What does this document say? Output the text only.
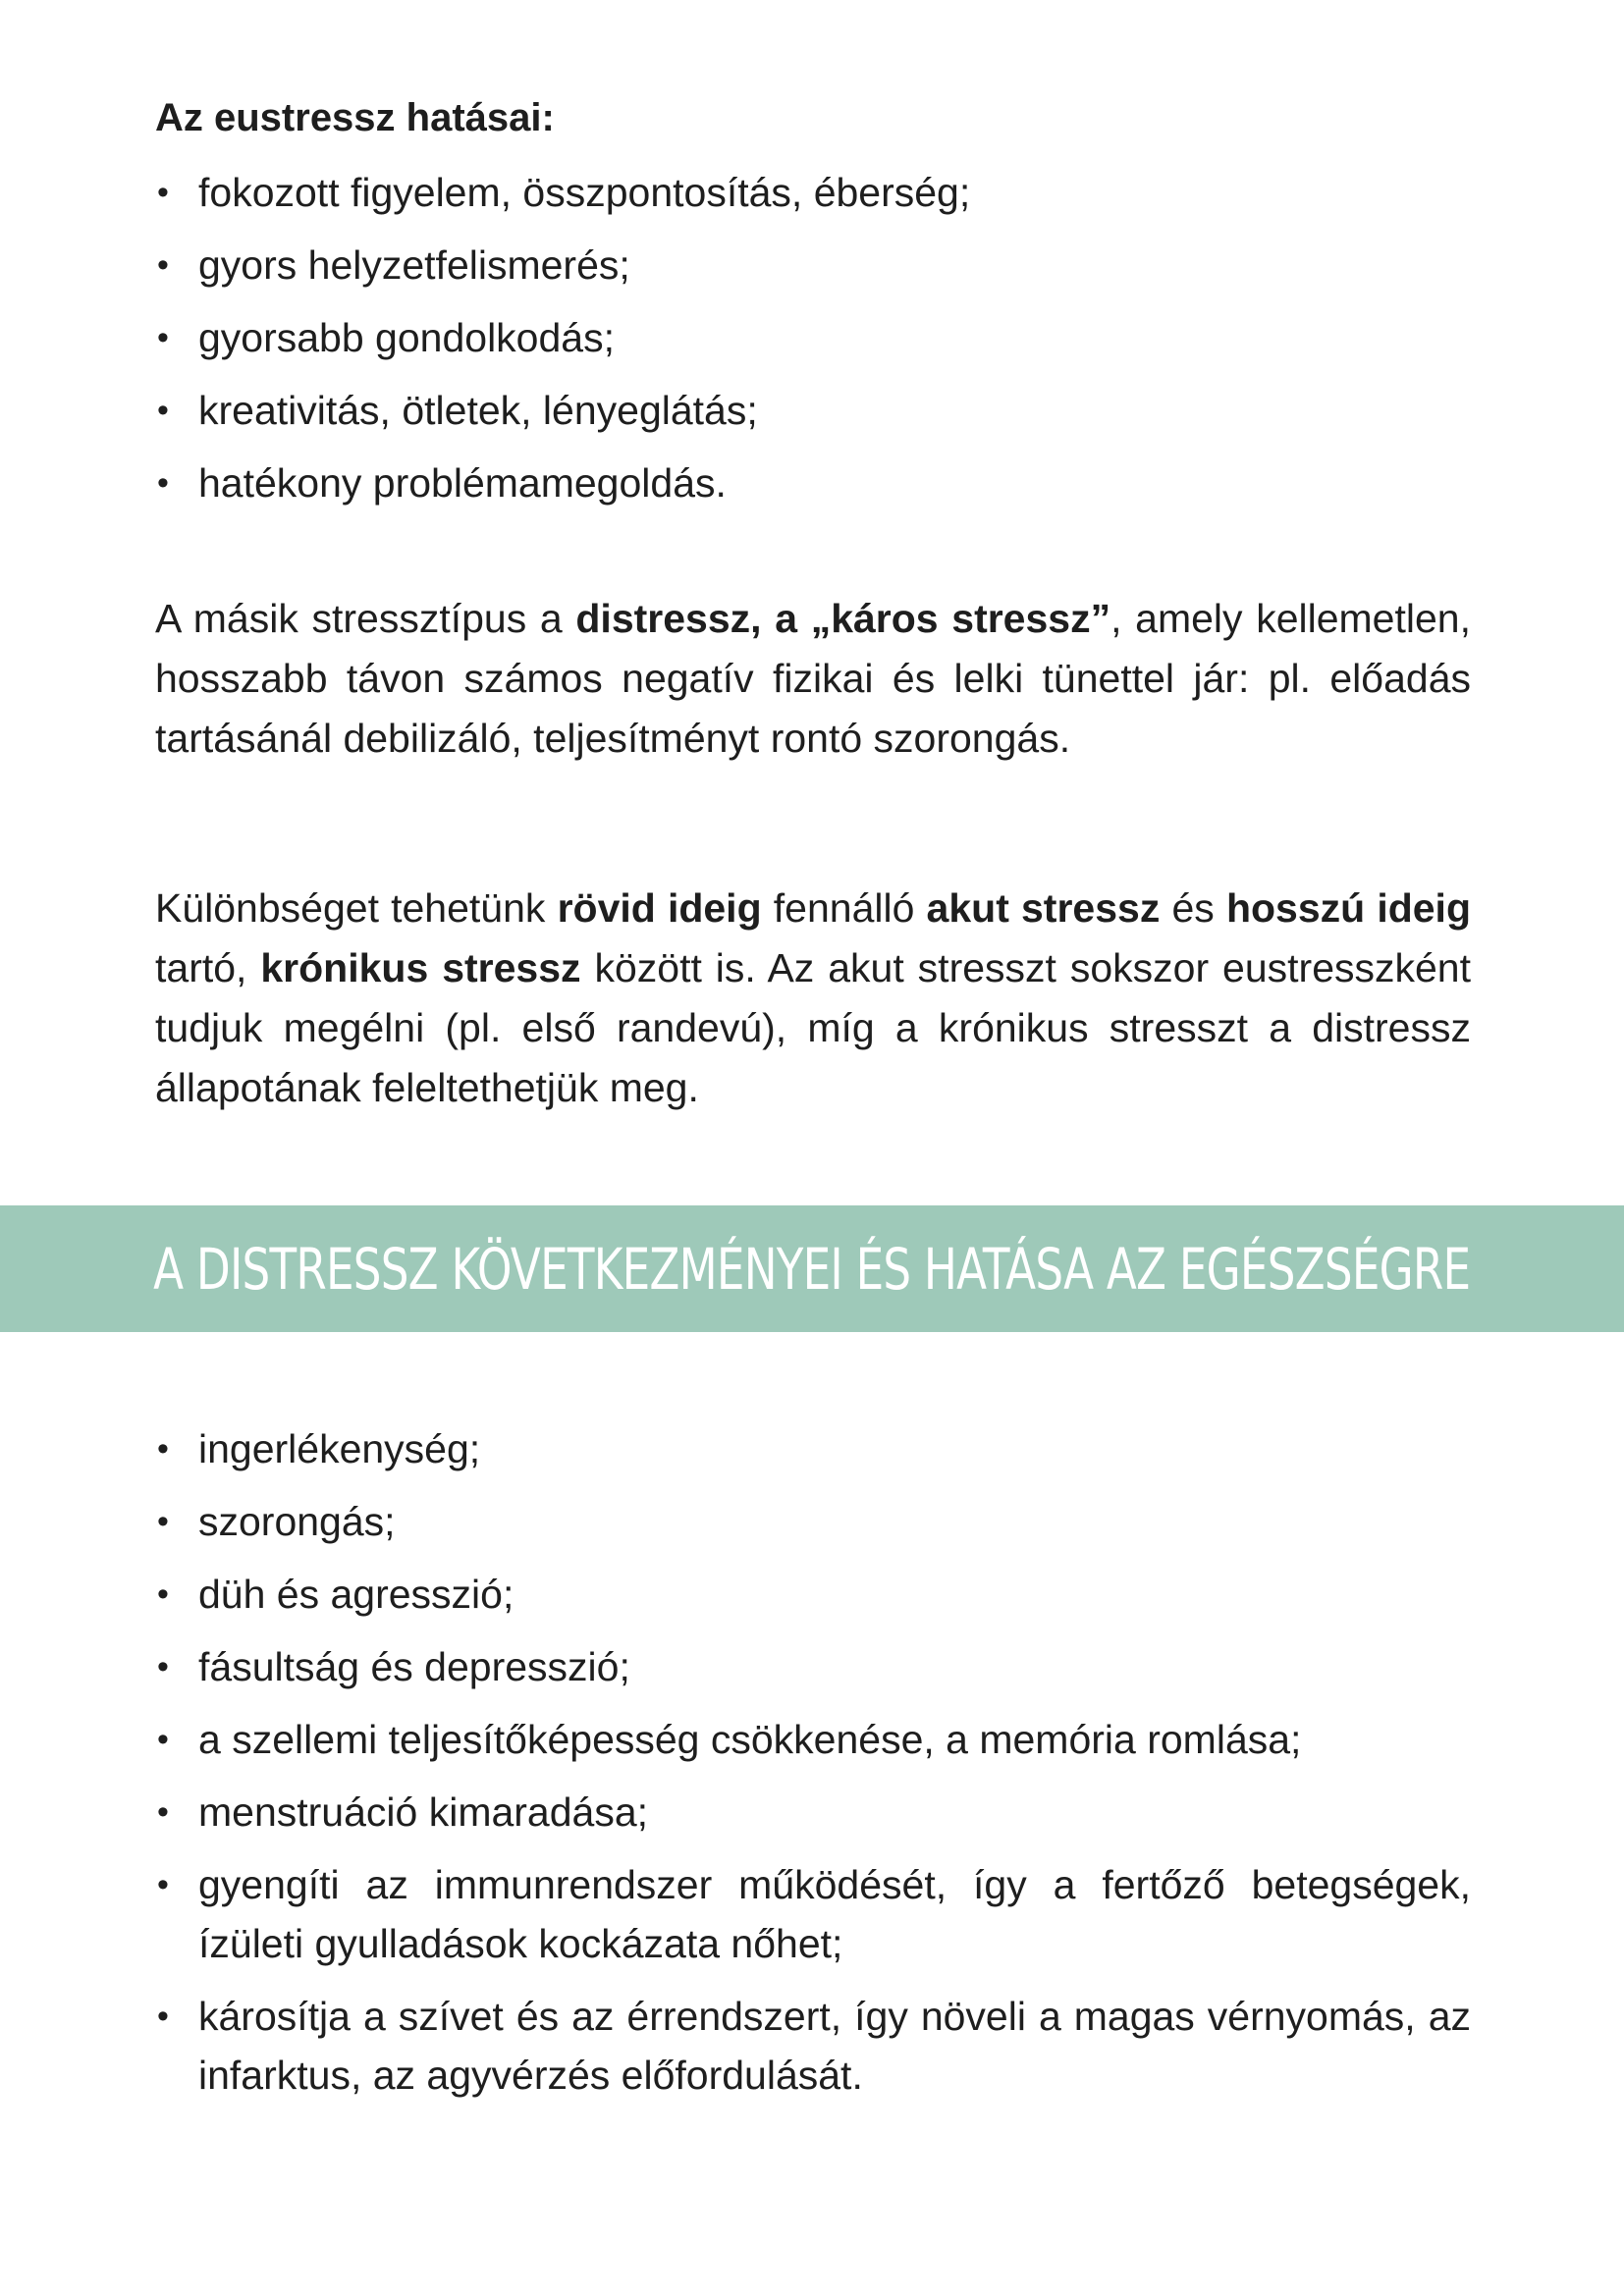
Az eustressz hatásai:
• fokozott figyelem, összpontosítás, éberség;
• gyors helyzetfelismerés;
• gyorsabb gondolkodás;
• kreativitás, ötletek, lényeglátás;
• hatékony problémamegoldás.

A másik stressztípus a distressz, a „káros stressz”, amely kellemetlen, hosszabb távon számos negatív fizikai és lelki tünettel jár: pl. előadás tartásánál debilizáló, teljesítményt rontó szorongás.

Különbséget tehetünk rövid ideig fennálló akut stressz és hosszú ideig tartó, krónikus stressz között is. Az akut stresszt sokszor eustresszként tudjuk megélni (pl. első randevú), míg a krónikus stresszt a distressz állapotának feleltethetjük meg.

A DISTRESSZ KÖVETKEZMÉNYEI ÉS HATÁSA AZ EGÉSZSÉGRE
• ingerlékenység;
• szorongás;
• düh és agresszió;
• fásultság és depresszió;
• a szellemi teljesítőképesség csökkenése, a memória romlása;
• menstruáció kimaradása;
• gyengíti az immunrendszer működését, így a fertőző betegségek, ízületi gyulladások kockázata nőhet;
• károsítja a szívet és az érrendszert, így növeli a magas vérnyomás, az infarktus, az agyvérzés előfordulását.
